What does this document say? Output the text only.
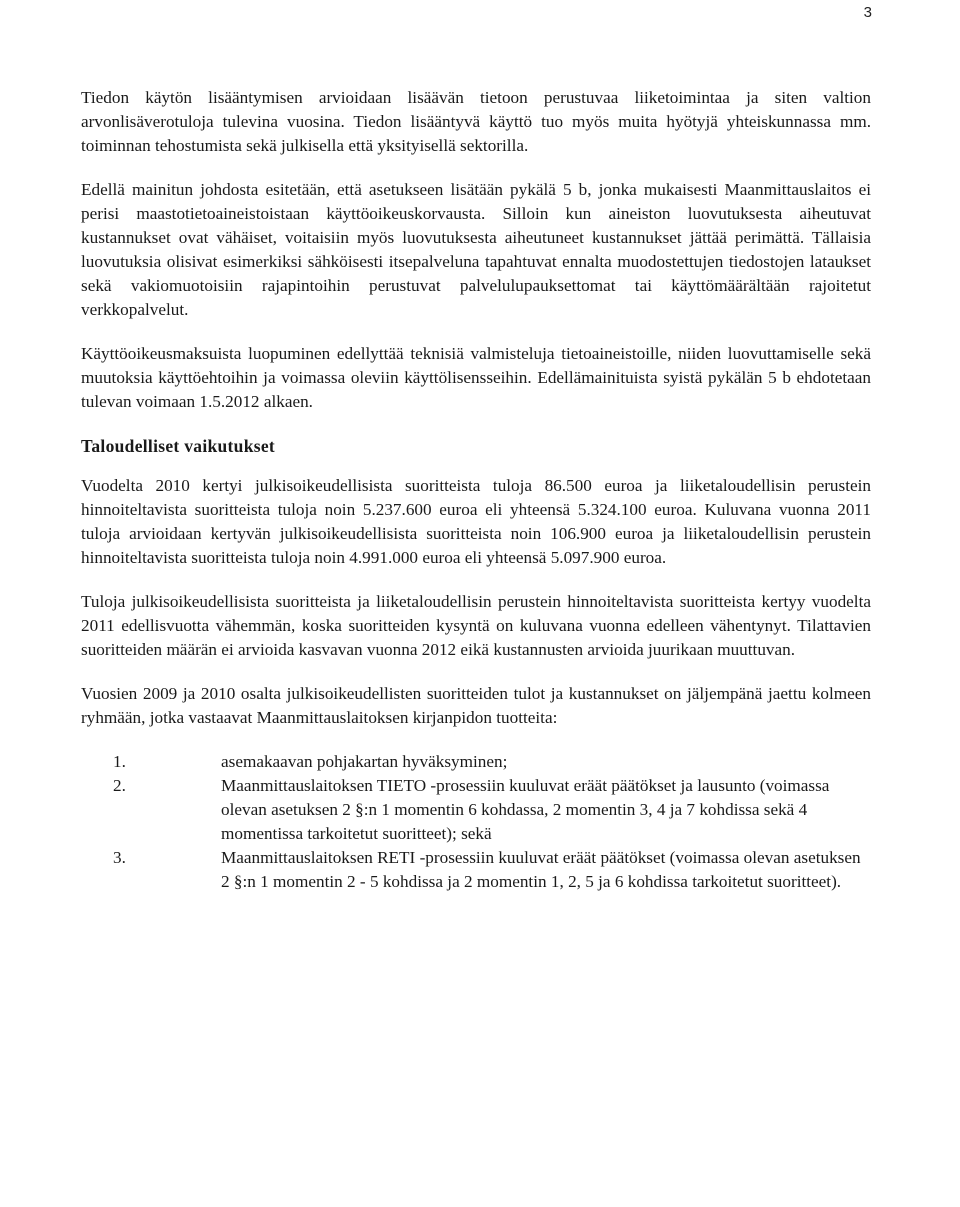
3

Tiedon käytön lisääntymisen arvioidaan lisäävän tietoon perustuvaa liiketoimintaa ja siten valtion arvonlisäverotuloja tulevina vuosina. Tiedon lisääntyvä käyttö tuo myös muita hyötyjä yhteiskunnassa mm. toiminnan tehostumista sekä julkisella että yksityisellä sektorilla.

Edellä mainitun johdosta esitetään, että asetukseen lisätään pykälä 5 b, jonka mukaisesti Maanmittauslaitos ei perisi maastotietoaineistoistaan käyttöoikeuskorvausta. Silloin kun aineiston luovutuksesta aiheutuvat kustannukset ovat vähäiset, voitaisiin myös luovutuksesta aiheutuneet kustannukset jättää perimättä. Tällaisia luovutuksia olisivat esimerkiksi sähköisesti itsepalveluna tapahtuvat ennalta muodostettujen tiedostojen lataukset sekä vakiomuotoisiin rajapintoihin perustuvat palvelulupauksettomat tai käyttömäärältään rajoitetut verkkopalvelut.

Käyttöoikeusmaksuista luopuminen edellyttää teknisiä valmisteluja tietoaineistoille, niiden luovuttamiselle sekä muutoksia käyttöehtoihin ja voimassa oleviin käyttölisensseihin. Edellämainituista syistä pykälän 5 b ehdotetaan tulevan voimaan 1.5.2012 alkaen.

Taloudelliset vaikutukset

Vuodelta 2010 kertyi julkisoikeudellisista suoritteista tuloja 86.500 euroa ja liiketaloudellisin perustein hinnoiteltavista suoritteista tuloja noin 5.237.600 euroa eli yhteensä 5.324.100 euroa. Kuluvana vuonna 2011 tuloja arvioidaan kertyvän julkisoikeudellisista suoritteista noin 106.900 euroa ja liiketaloudellisin perustein hinnoiteltavista suoritteista tuloja noin 4.991.000 euroa eli yhteensä 5.097.900 euroa.

Tuloja julkisoikeudellisista suoritteista ja liiketaloudellisin perustein hinnoiteltavista suoritteista kertyy vuodelta 2011 edellisvuotta vähemmän, koska suoritteiden kysyntä on kuluvana vuonna edelleen vähentynyt. Tilattavien suoritteiden määrän ei arvioida kasvavan vuonna 2012 eikä kustannusten arvioida juurikaan muuttuvan.

Vuosien 2009 ja 2010 osalta julkisoikeudellisten suoritteiden tulot ja kustannukset on jäljempänä jaettu kolmeen ryhmään, jotka vastaavat Maanmittauslaitoksen kirjanpidon tuotteita:

1.	asemakaavan pohjakartan hyväksyminen;
2.	Maanmittauslaitoksen TIETO -prosessiin kuuluvat eräät päätökset ja lausunto (voimassa olevan asetuksen 2 §:n 1 momentin 6 kohdassa, 2 momentin 3, 4 ja 7 kohdissa sekä 4 momentissa tarkoitetut suoritteet); sekä
3.	Maanmittauslaitoksen RETI -prosessiin kuuluvat eräät päätökset (voimassa olevan asetuksen 2 §:n 1 momentin 2 - 5 kohdissa ja 2 momentin 1, 2, 5 ja 6 kohdissa tarkoitetut suoritteet).
